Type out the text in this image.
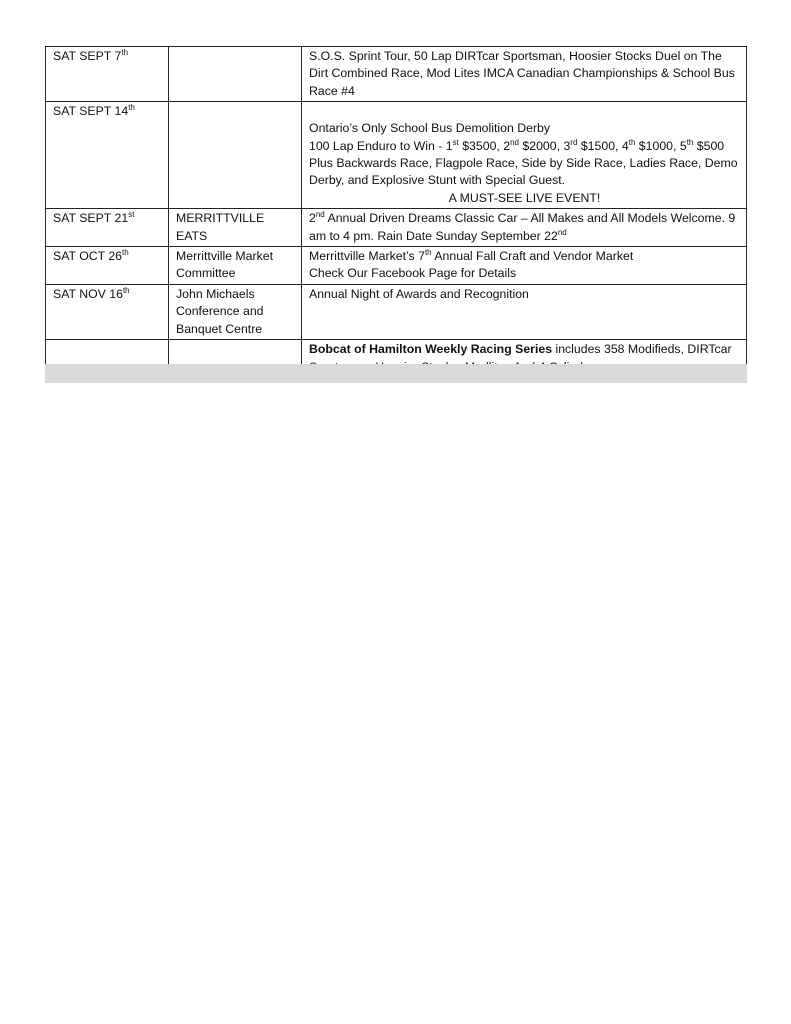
SAT SEPT 7th		S.O.S. Sprint Tour, 50 Lap DIRTcar Sportsman, Hoosier Stocks Duel on The Dirt Combined Race, Mod Lites IMCA Canadian Championships & School Bus Race #4
SAT SEPT 14th		Ontario’s Only School Bus Demolition Derby
100 Lap Enduro to Win - 1st $3500, 2nd $2000, 3rd $1500, 4th $1000, 5th $500 Plus Backwards Race, Flagpole Race, Side by Side Race, Ladies Race, Demo Derby, and Explosive Stunt with Special Guest.
A MUST-SEE LIVE EVENT!

SAT SEPT 21st	MERRITTVILLE EATS	2nd Annual Driven Dreams Classic Car – All Makes and All Models Welcome. 9 am to 4 pm. Rain Date Sunday September 22nd
SAT OCT 26th	Merrittville Market Committee	Merrittville Market’s 7th Annual Fall Craft and Vendor Market
Check Our Facebook Page for Details
SAT NOV 16th	John Michaels Conference and Banquet Centre	Annual Night of Awards and Recognition
		Bobcat of Hamilton Weekly Racing Series includes 358 Modifieds, DIRTcar
